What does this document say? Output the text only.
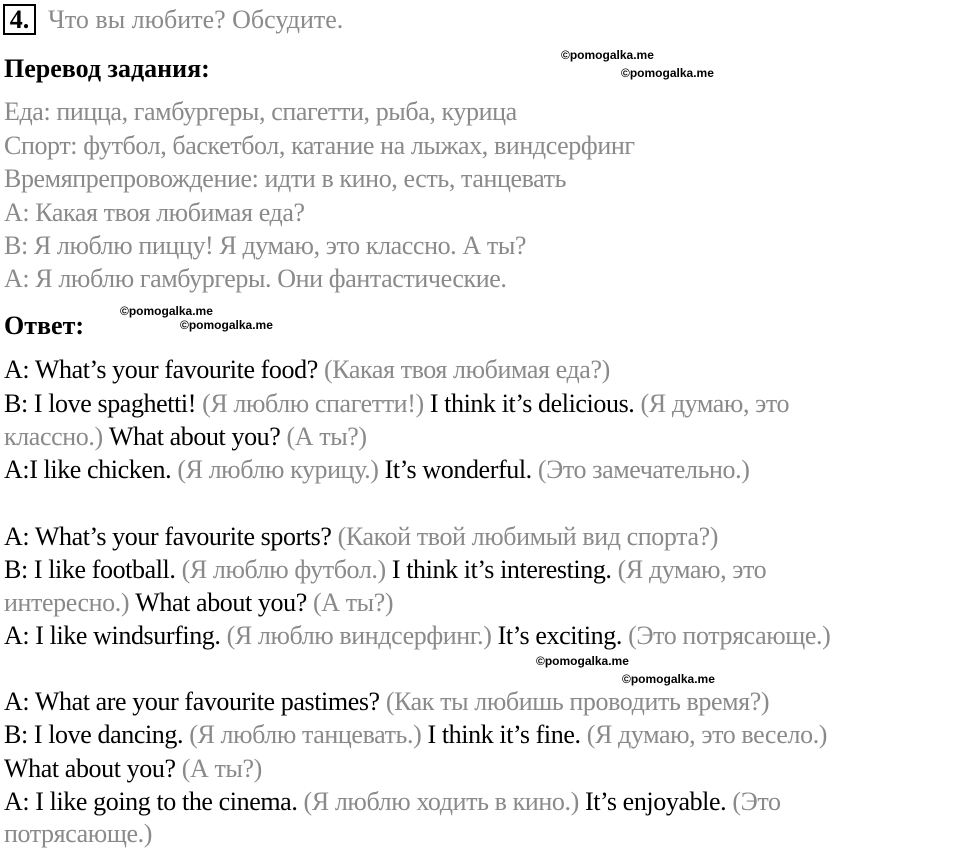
4. Что вы любите? Обсудите.
Перевод задания:	©pomogalka.me
©pomogalka.me
Еда: пицца, гамбургеры, спагетти, рыба, курица
Спорт: футбол, баскетбол, катание на лыжах, виндсерфинг
Времяпрепровождение: идти в кино, есть, танцевать
A: Какая твоя любимая еда?
B: Я люблю пиццу! Я думаю, это классно. А ты?
A: Я люблю гамбургеры. Они фантастические.
Ответ:	©pomogalka.me
©pomogalka.me
A: What’s your favourite food? (Какая твоя любимая еда?)
B: I love spaghetti! (Я люблю спагетти!) I think it’s delicious. (Я думаю, это
классно.) What about you? (А ты?)
A:I like chicken. (Я люблю курицу.) It’s wonderful. (Это замечательно.)
A: What’s your favourite sports? (Какой твой любимый вид спорта?)
B: I like football. (Я люблю футбол.) I think it’s interesting. (Я думаю, это
интересно.) What about you? (А ты?)
A: I like windsurfing. (Я люблю виндсерфинг.) It’s exciting. (Это потрясающе.)
©pomogalka.me
©pomogalka.me
A: What are your favourite pastimes? (Как ты любишь проводить время?)
B: I love dancing. (Я люблю танцевать.) I think it’s fine. (Я думаю, это весело.)
What about you? (А ты?)
A: I like going to the cinema. (Я люблю ходить в кино.) It’s enjoyable. (Это
потрясающе.)
